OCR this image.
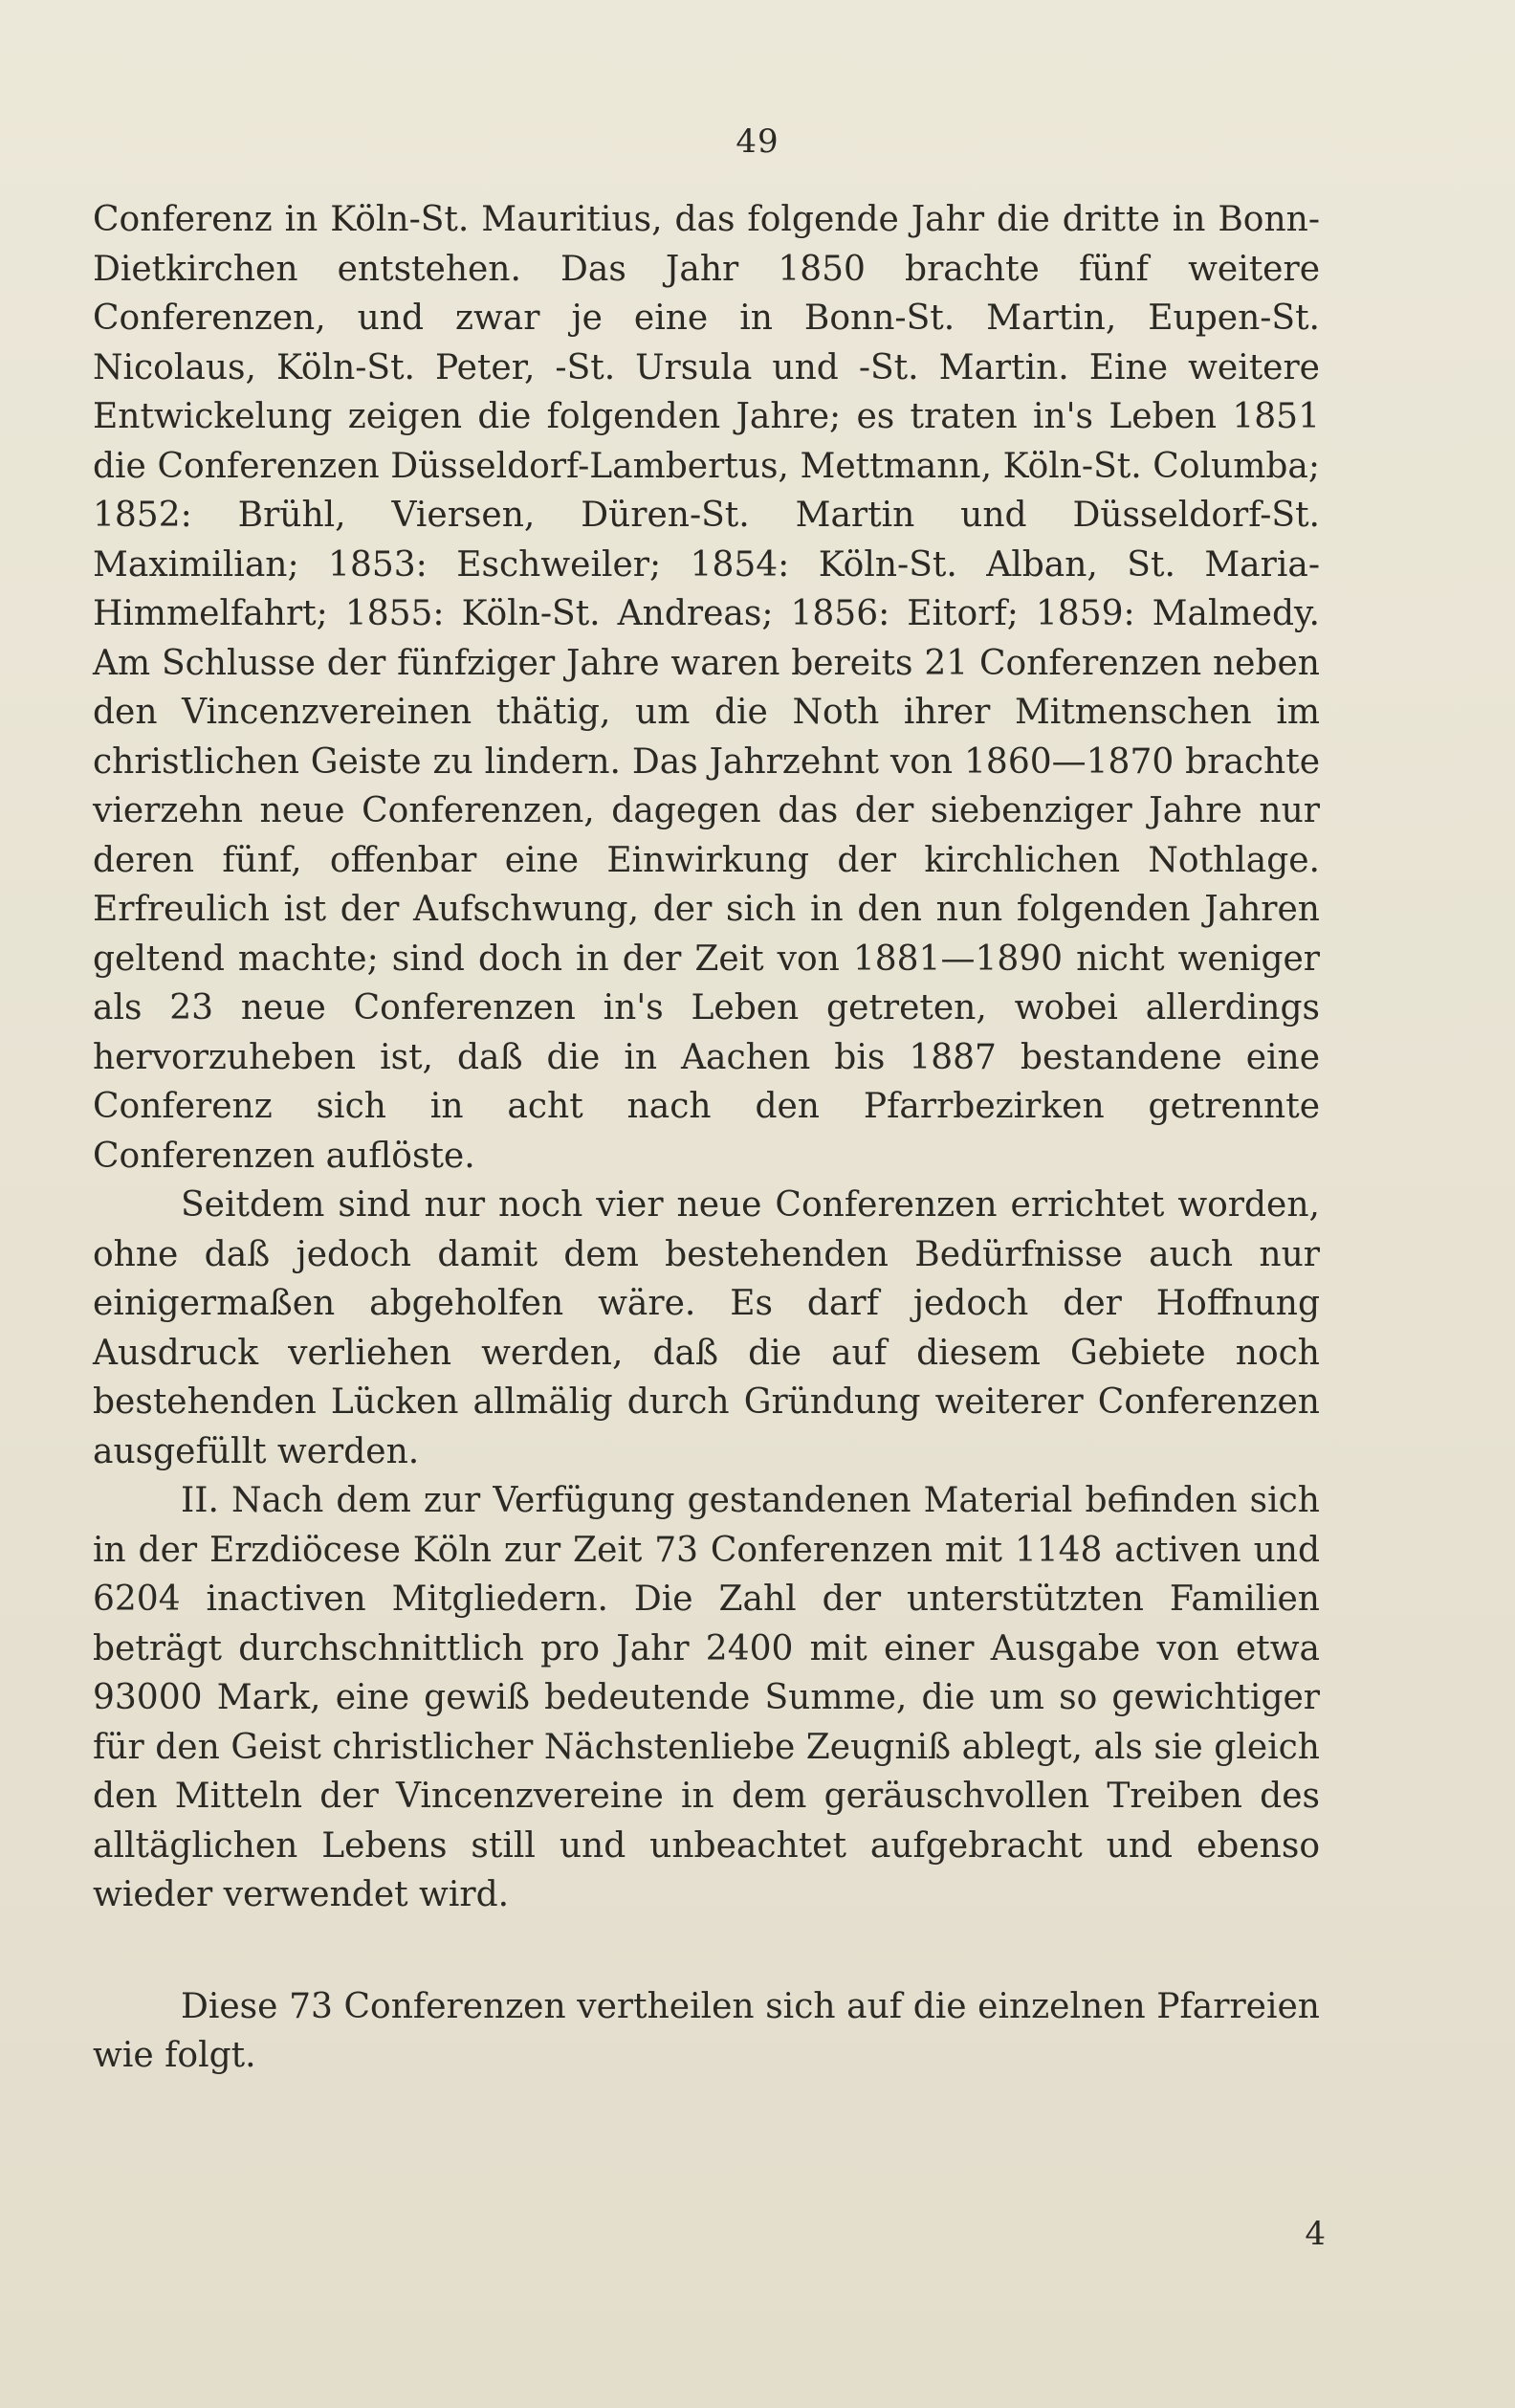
49

Conferenz in Köln-St. Mauritius, das folgende Jahr die dritte in Bonn-Dietkirchen entstehen. Das Jahr 1850 brachte fünf weitere Conferenzen, und zwar je eine in Bonn-St. Martin, Eupen-St. Nicolaus, Köln-St. Peter, -St. Ursula und -St. Martin. Eine weitere Entwickelung zeigen die folgenden Jahre; es traten in's Leben 1851 die Conferenzen Düsseldorf-Lambertus, Mettmann, Köln-St. Columba; 1852: Brühl, Viersen, Düren-St. Martin und Düsseldorf-St. Maximilian; 1853: Eschweiler; 1854: Köln-St. Alban, St. Maria-Himmelfahrt; 1855: Köln-St. Andreas; 1856: Eitorf; 1859: Malmedy. Am Schlusse der fünfziger Jahre waren bereits 21 Conferenzen neben den Vincenzvereinen thätig, um die Noth ihrer Mitmenschen im christlichen Geiste zu lindern. Das Jahrzehnt von 1860—1870 brachte vierzehn neue Conferenzen, dagegen das der siebenziger Jahre nur deren fünf, offenbar eine Einwirkung der kirchlichen Nothlage. Erfreulich ist der Aufschwung, der sich in den nun folgenden Jahren geltend machte; sind doch in der Zeit von 1881—1890 nicht weniger als 23 neue Conferenzen in's Leben getreten, wobei allerdings hervorzuheben ist, daß die in Aachen bis 1887 bestandene eine Conferenz sich in acht nach den Pfarrbezirken getrennte Conferenzen auflöste.

Seitdem sind nur noch vier neue Conferenzen errichtet worden, ohne daß jedoch damit dem bestehenden Bedürfnisse auch nur einigermaßen abgeholfen wäre. Es darf jedoch der Hoffnung Ausdruck verliehen werden, daß die auf diesem Gebiete noch bestehenden Lücken allmälig durch Gründung weiterer Conferenzen ausgefüllt werden.

II. Nach dem zur Verfügung gestandenen Material befinden sich in der Erzdiöcese Köln zur Zeit 73 Conferenzen mit 1148 activen und 6204 inactiven Mitgliedern. Die Zahl der unterstützten Familien beträgt durchschnittlich pro Jahr 2400 mit einer Ausgabe von etwa 93000 Mark, eine gewiß bedeutende Summe, die um so gewichtiger für den Geist christlicher Nächstenliebe Zeugniß ablegt, als sie gleich den Mitteln der Vincenzvereine in dem geräuschvollen Treiben des alltäglichen Lebens still und unbeachtet aufgebracht und ebenso wieder verwendet wird.

Diese 73 Conferenzen vertheilen sich auf die einzelnen Pfarreien wie folgt.

4
